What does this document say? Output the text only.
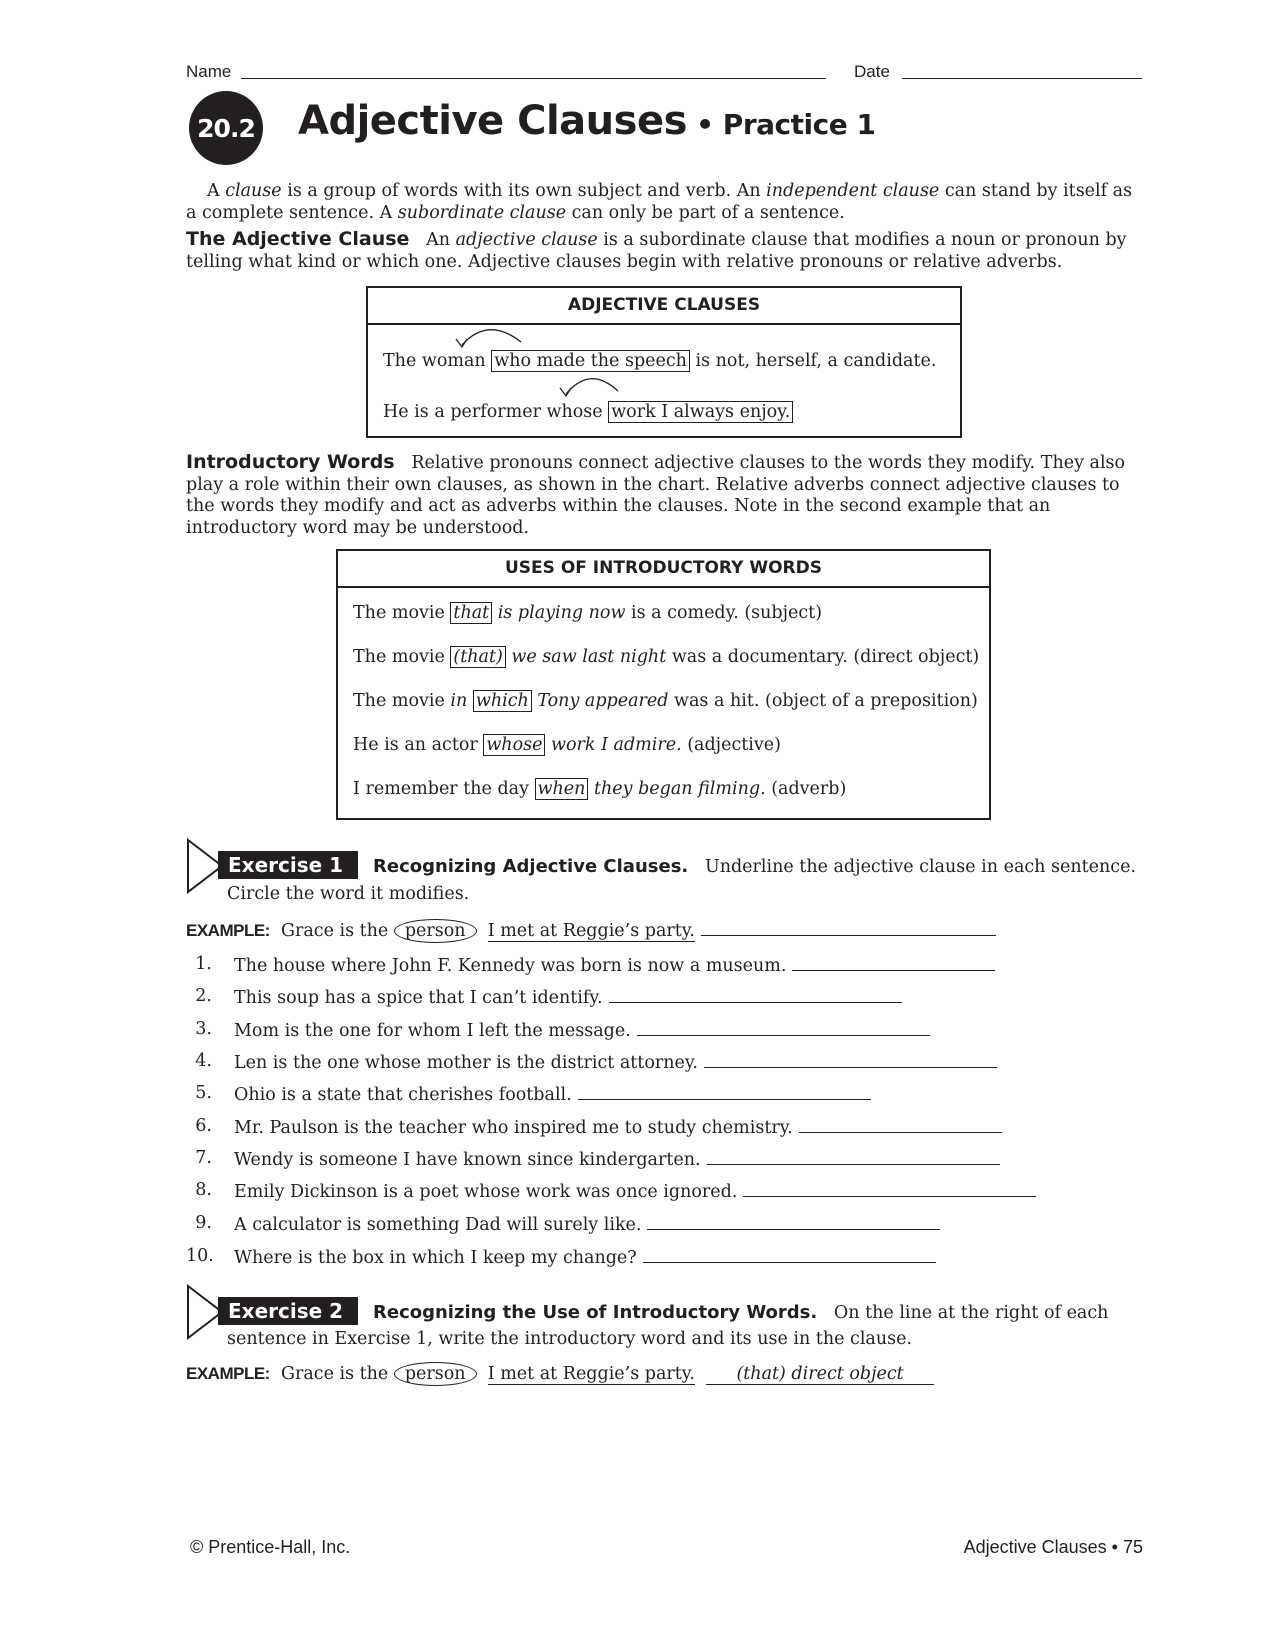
Name	Date
20.2 Adjective Clauses • Practice 1
A clause is a group of words with its own subject and verb. An independent clause can stand by itself as a complete sentence. A subordinate clause can only be part of a sentence.
The Adjective Clause An adjective clause is a subordinate clause that modifies a noun or pronoun by telling what kind or which one. Adjective clauses begin with relative pronouns or relative adverbs.
ADJECTIVE CLAUSES
The woman who made the speech is not, herself, a candidate.
He is a performer whose work I always enjoy.
Introductory Words Relative pronouns connect adjective clauses to the words they modify. They also play a role within their own clauses, as shown in the chart. Relative adverbs connect adjective clauses to the words they modify and act as adverbs within the clauses. Note in the second example that an introductory word may be understood.
USES OF INTRODUCTORY WORDS
The movie that is playing now is a comedy. (subject)
The movie (that) we saw last night was a documentary. (direct object)
The movie in which Tony appeared was a hit. (object of a preposition)
He is an actor whose work I admire. (adjective)
I remember the day when they began filming. (adverb)
Exercise 1	Recognizing Adjective Clauses. Underline the adjective clause in each sentence.
Circle the word it modifies.
EXAMPLE: Grace is the person I met at Reggie’s party.
1. The house where John F. Kennedy was born is now a museum.
2. This soup has a spice that I can’t identify.
3. Mom is the one for whom I left the message.
4. Len is the one whose mother is the district attorney.
5. Ohio is a state that cherishes football.
6. Mr. Paulson is the teacher who inspired me to study chemistry.
7. Wendy is someone I have known since kindergarten.
8. Emily Dickinson is a poet whose work was once ignored.
9. A calculator is something Dad will surely like.
10. Where is the box in which I keep my change?
Exercise 2	Recognizing the Use of Introductory Words. On the line at the right of each
sentence in Exercise 1, write the introductory word and its use in the clause.
EXAMPLE: Grace is the person I met at Reggie’s party. (that) direct object
© Prentice-Hall, Inc.	Adjective Clauses • 75
